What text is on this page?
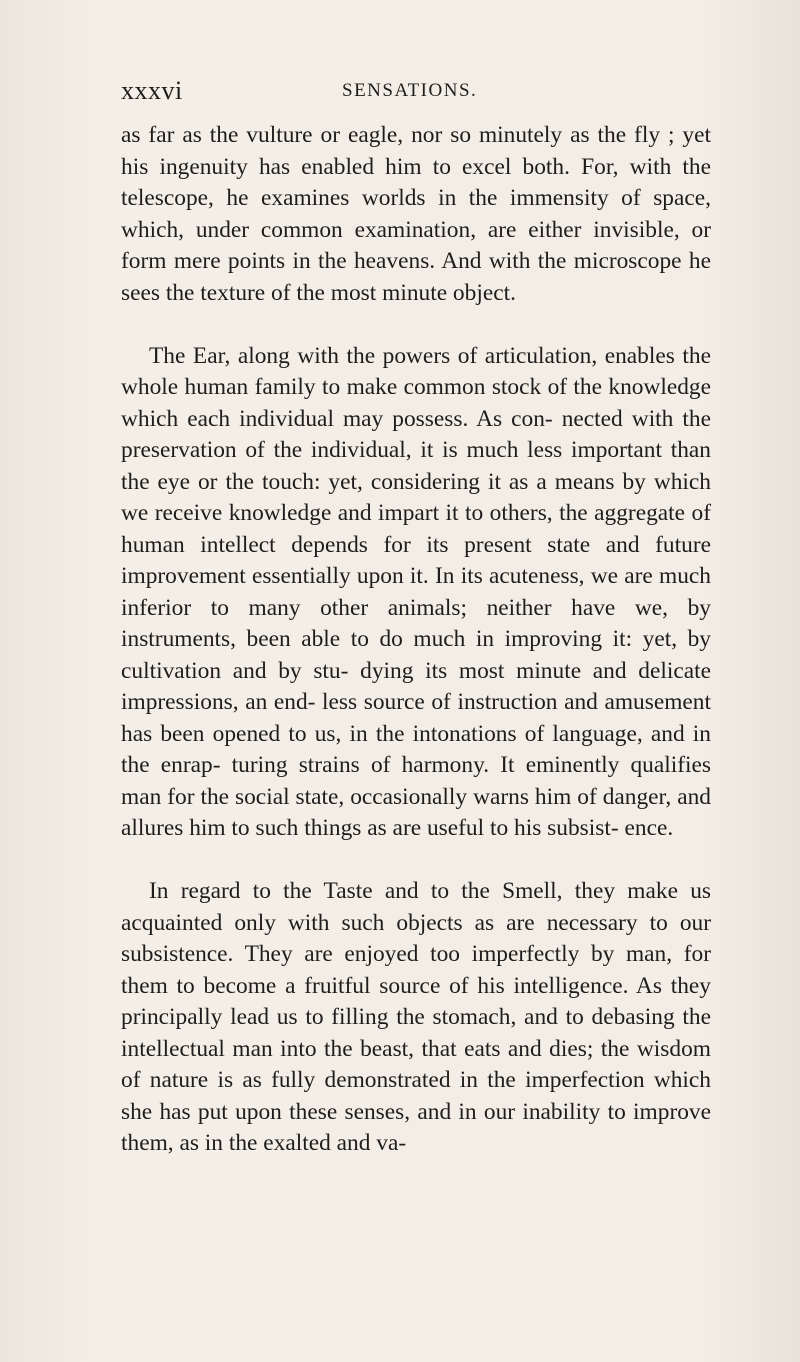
xxxvi	SENSATIONS.

as far as the vulture or eagle, nor so minutely as the fly ; yet his ingenuity has enabled him to excel both. For, with the telescope, he examines worlds in the immensity of space, which, under common examination, are either invisible, or form mere points in the heavens. And with the microscope he sees the texture of the most minute object.

The Ear, along with the powers of articulation, enables the whole human family to make common stock of the knowledge which each individual may possess. As con- nected with the preservation of the individual, it is much less important than the eye or the touch: yet, considering it as a means by which we receive knowledge and impart it to others, the aggregate of human intellect depends for its present state and future improvement essentially upon it. In its acuteness, we are much inferior to many other animals; neither have we, by instruments, been able to do much in improving it: yet, by cultivation and by stu- dying its most minute and delicate impressions, an end- less source of instruction and amusement has been opened to us, in the intonations of language, and in the enrap- turing strains of harmony. It eminently qualifies man for the social state, occasionally warns him of danger, and allures him to such things as are useful to his subsist- ence.

In regard to the Taste and to the Smell, they make us acquainted only with such objects as are necessary to our subsistence. They are enjoyed too imperfectly by man, for them to become a fruitful source of his intelligence. As they principally lead us to filling the stomach, and to debasing the intellectual man into the beast, that eats and dies; the wisdom of nature is as fully demonstrated in the imperfection which she has put upon these senses, and in our inability to improve them, as in the exalted and va-
